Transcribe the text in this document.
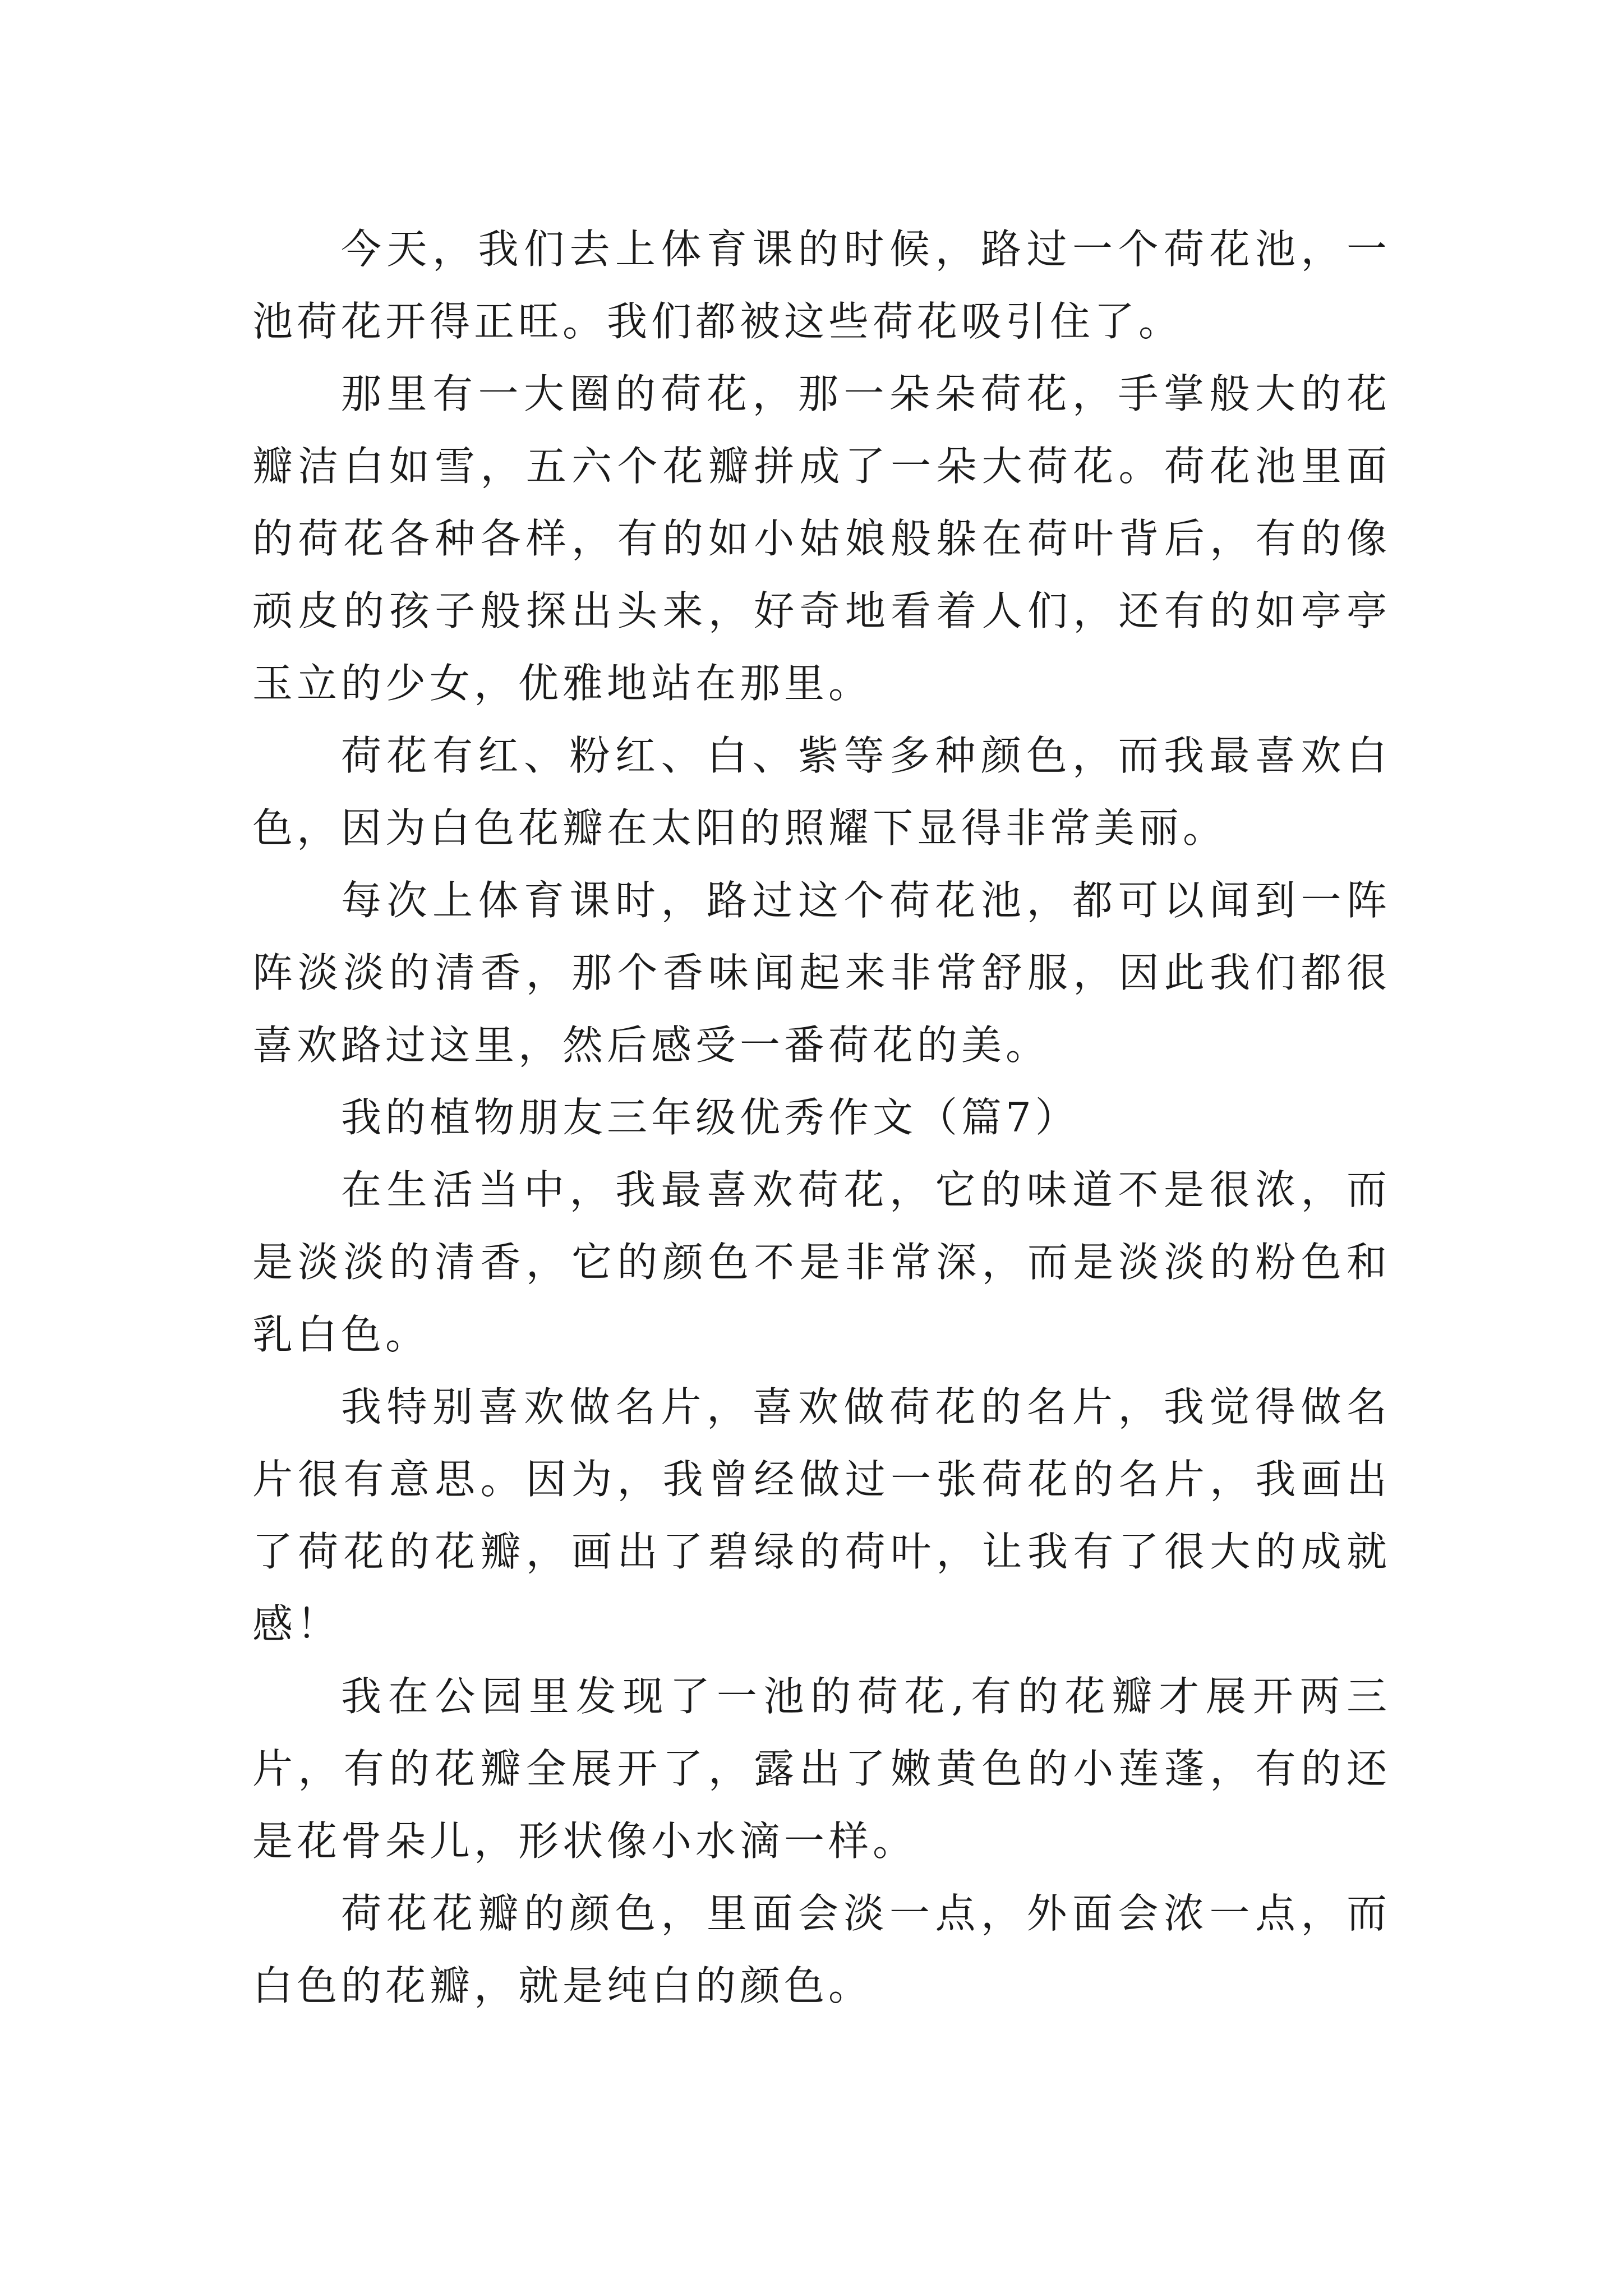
今天，我们去上体育课的时候，路过一个荷花池，一池荷花开得正旺。我们都被这些荷花吸引住了。

那里有一大圈的荷花，那一朵朵荷花，手掌般大的花瓣洁白如雪，五六个花瓣拼成了一朵大荷花。荷花池里面的荷花各种各样，有的如小姑娘般躲在荷叶背后，有的像顽皮的孩子般探出头来，好奇地看着人们，还有的如亭亭玉立的少女，优雅地站在那里。

荷花有红、粉红、白、紫等多种颜色，而我最喜欢白色，因为白色花瓣在太阳的照耀下显得非常美丽。

每次上体育课时，路过这个荷花池，都可以闻到一阵阵淡淡的清香，那个香味闻起来非常舒服，因此我们都很喜欢路过这里，然后感受一番荷花的美。

我的植物朋友三年级优秀作文（篇7）

在生活当中，我最喜欢荷花，它的味道不是很浓，而是淡淡的清香，它的颜色不是非常深，而是淡淡的粉色和乳白色。

我特别喜欢做名片，喜欢做荷花的名片，我觉得做名片很有意思。因为，我曾经做过一张荷花的名片，我画出了荷花的花瓣，画出了碧绿的荷叶，让我有了很大的成就感！

我在公园里发现了一池的荷花,有的花瓣才展开两三片，有的花瓣全展开了，露出了嫩黄色的小莲蓬，有的还是花骨朵儿，形状像小水滴一样。

荷花花瓣的颜色，里面会淡一点，外面会浓一点，而白色的花瓣，就是纯白的颜色。
